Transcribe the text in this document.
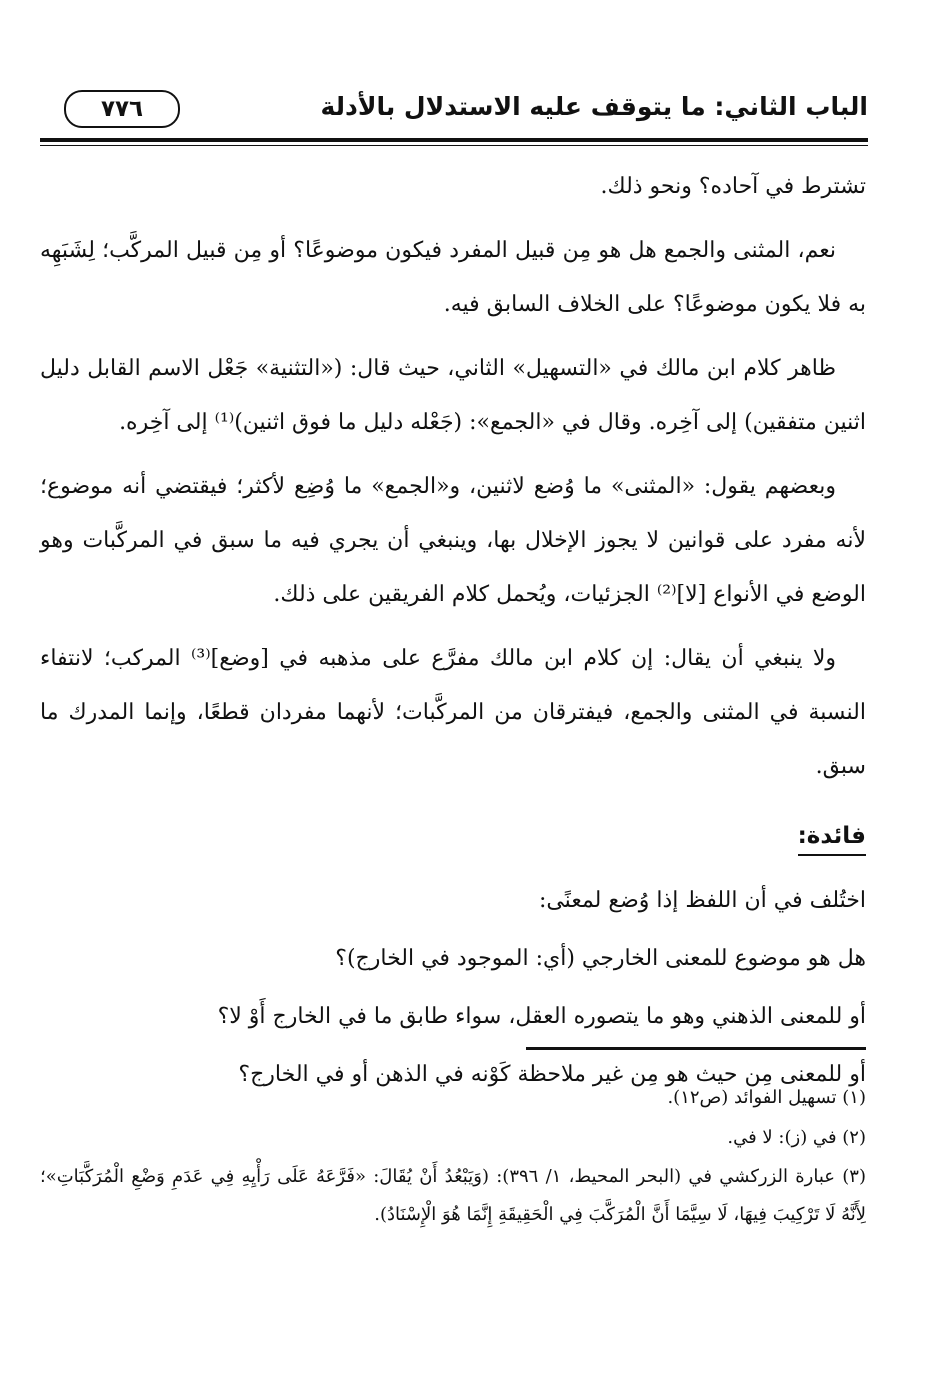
الباب الثاني: ما يتوقف عليه الاستدلال بالأدلة
٧٧٦

تشترط في آحاده؟ ونحو ذلك.

نعم، المثنى والجمع هل هو مِن قبيل المفرد فيكون موضوعًا؟ أو مِن قبيل المركَّب؛ لِشَبَهِه به فلا يكون موضوعًا؟ على الخلاف السابق فيه.

ظاهر كلام ابن مالك في «التسهيل» الثاني، حيث قال: («التثنية» جَعْل الاسم القابل دليل اثنين متفقين) إلى آخِره. وقال في «الجمع»: (جَعْله دليل ما فوق اثنين)⁽¹⁾ إلى آخِره.

وبعضهم يقول: «المثنى» ما وُضع لاثنين، و«الجمع» ما وُضِع لأكثر؛ فيقتضي أنه موضوع؛ لأنه مفرد على قوانين لا يجوز الإخلال بها، وينبغي أن يجري فيه ما سبق في المركَّبات وهو الوضع في الأنواع [لا]⁽²⁾ الجزئيات، ويُحمل كلام الفريقين على ذلك.

ولا ينبغي أن يقال: إن كلام ابن مالك مفرَّع على مذهبه في [وضع]⁽³⁾ المركب؛ لانتفاء النسبة في المثنى والجمع، فيفترقان من المركَّبات؛ لأنهما مفردان قطعًا، وإنما المدرك ما سبق.

فائدة:

اختُلف في أن اللفظ إذا وُضع لمعنًى:

هل هو موضوع للمعنى الخارجي (أي: الموجود في الخارج)؟

أو للمعنى الذهني وهو ما يتصوره العقل، سواء طابق ما في الخارج أَوْ لا؟

أو للمعنى مِن حيث هو مِن غير ملاحظة كَوْنه في الذهن أو في الخارج؟

(١) تسهيل الفوائد (ص١٢).

(٢) في (ز): لا في.

(٣) عبارة الزركشي في (البحر المحيط، ١/ ٣٩٦): (وَيَبْعُدُ أَنْ يُقَالَ: «فَرَّعَهُ عَلَى رَأْيِهِ فِي عَدَمِ وَضْعِ الْمُرَكَّبَاتِ»؛ لِأَنَّهُ لَا تَرْكِيبَ فِيهَا، لَا سِيَّمَا أَنَّ الْمُرَكَّبَ فِي الْحَقِيقَةِ إِنَّمَا هُوَ الْإِسْنَادُ).
